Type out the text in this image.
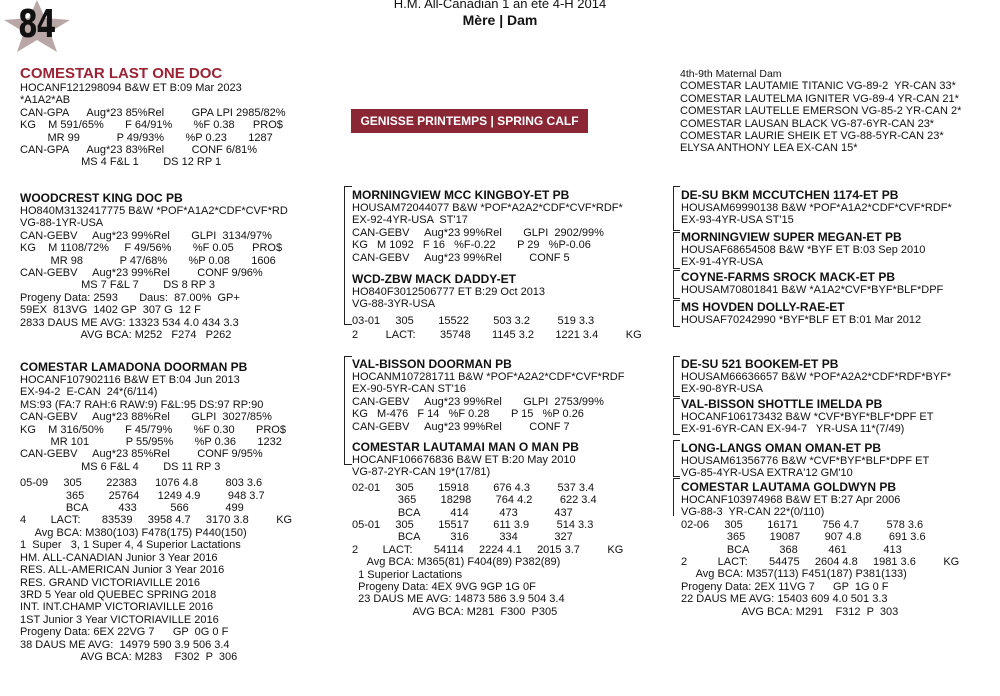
84	H.M. All-Canadian 1 an été 4-H 2014
Mère | Dam
COMESTAR LAST ONE DOC
HOCANF121298094 B&W ET B:09 Mar 2023
*A1A2*AB
CAN-GPA      Aug*23 85%Rel         GPA LPI 2985/82%
KG    M 591/65%       F 64/91%       %F 0.38      PRO$
MR 99            P 49/93%       %P 0.23       1287
CAN-GPA      Aug*23 83%Rel         CONF 6/81%
MS 4 F&L 1        DS 12 RP 1
GENISSE PRINTEMPS | SPRING CALF
4th-9th Maternal Dam
COMESTAR LAUTAMIE TITANIC VG-89-2  YR-CAN 33*
COMESTAR LAUTELMA IGNITER VG-89-4 YR-CAN 21*
COMESTAR LAUTELLE EMERSON VG-85-2 YR-CAN 2*
COMESTAR LAUSAN BLACK VG-87-6YR-CAN 23*
COMESTAR LAURIE SHEIK ET VG-88-5YR-CAN 23*
ELYSA ANTHONY LEA EX-CAN 15*
WOODCREST KING DOC PB
HO840M3132417775 B&W *POF*A1A2*CDF*CVF*RD
VG-88-1YR-USA
CAN-GEBV     Aug*23 99%Rel       GLPI  3134/97%
KG    M 1108/72%     F 49/56%       %F 0.05      PRO$
MR 98            P 47/68%       %P 0.08       1606
CAN-GEBV     Aug*23 99%Rel         CONF 9/96%
MS 7 F&L 7        DS 8 RP 3
Progeny Data: 2593       Daus:  87.00%  GP+
59EX  813VG  1402 GP  307 G  12 F
2833 DAUS ME AVG: 13323 534 4.0 434 3.3
AVG BCA: M252   F274   P262
COMESTAR LAMADONA DOORMAN PB
HOCANF107902116 B&W ET B:04 Jun 2013
EX-94-2  E-CAN  24*(6/114)
MS:93 (FA:7 RAH:6 RAW:9) F&L:95 DS:97 RP:90
CAN-GEBV     Aug*23 88%Rel       GLPI  3027/85%
KG    M 316/50%       F 45/79%       %F 0.30       PRO$
MR 101            P 55/95%       %P 0.36       1232
CAN-GEBV     Aug*23 85%Rel         CONF 9/95%
MS 6 F&L 4        DS 11 RP 3
05-09     305        22383      1076 4.8         803 3.6
365        25764      1249 4.9         948 3.7
BCA          433           566            499
4        LACT:       83539     3958 4.7     3170 3.8         KG
Avg BCA: M380(103) F478(175) P440(150)
1  Super   3, 1 Super 4, 4 Superior Lactations
HM. ALL-CANADIAN Junior 3 Year 2016
RES. ALL-AMERICAN Junior 3 Year 2016
RES. GRAND VICTORIAVILLE 2016
3RD 5 Year old QUEBEC SPRING 2018
INT. INT.CHAMP VICTORIAVILLE 2016
1ST Junior 3 Year VICTORIAVILLE 2016
Progeny Data: 6EX 22VG 7      GP  0G 0 F
38 DAUS ME AVG:  14979 590 3.9 506 3.4
AVG BCA: M283    F302  P  306
MORNINGVIEW MCC KINGBOY-ET PB
HOUSAM72044077 B&W *POF*A2A2*CDF*CVF*RDF*
EX-92-4YR-USA  ST'17
CAN-GEBV     Aug*23 99%Rel       GLPI  2902/99%
KG   M 1092   F 16   %F-0.22       P 29   %P-0.06
CAN-GEBV     Aug*23 99%Rel         CONF 5
WCD-ZBW MACK DADDY-ET
HO840F3012506777 ET B:29 Oct 2013
VG-88-3YR-USA
03-01     305        15522        503 3.2         519 3.3
2         LACT:        35748       1145 3.2       1221 3.4         KG
VAL-BISSON DOORMAN PB
HOCANM107281711 B&W *POF*A2A2*CDF*CVF*RDF
EX-90-5YR-CAN ST'16
CAN-GEBV     Aug*23 99%Rel       GLPI  2753/99%
KG   M-476   F 14   %F 0.28       P 15   %P 0.26
CAN-GEBV     Aug*23 99%Rel         CONF 7
COMESTAR LAUTAMAI MAN O MAN PB
HOCANF106676836 B&W ET B:20 May 2010
VG-87-2YR-CAN 19*(17/81)
02-01     305        15918        676 4.3         537 3.4
365        18298        764 4.2         622 3.4
BCA          414          473            437
05-01     305        15517        611 3.9         514 3.3
BCA          316          334            327
2        LACT:       54114     2224 4.1     2015 3.7         KG
Avg BCA: M365(81) F404(89) P382(89)
1 Superior Lactations
Progeny Data: 4EX 9VG 9GP 1G 0F
23 DAUS ME AVG: 14873 586 3.9 504 3.4
AVG BCA: M281  F300  P305
DE-SU BKM MCCUTCHEN 1174-ET PB
HOUSAM69990138 B&W *POF*A1A2*CDF*CVF*RDF*
EX-93-4YR-USA ST'15
MORNINGVIEW SUPER MEGAN-ET PB
HOUSAF68654508 B&W *BYF ET B:03 Sep 2010
EX-91-4YR-USA
COYNE-FARMS SROCK MACK-ET PB
HOUSAM70801841 B&W *A1A2*CVF*BYF*BLF*DPF
MS HOVDEN DOLLY-RAE-ET
HOUSAF70242990 *BYF*BLF ET B:01 Mar 2012
DE-SU 521 BOOKEM-ET PB
HOUSAM66636657 B&W *POF*A2A2*CDF*RDF*BYF*
EX-90-8YR-USA
VAL-BISSON SHOTTLE IMELDA PB
HOCANF106173432 B&W *CVF*BYF*BLF*DPF ET
EX-91-6YR-CAN EX-94-7   YR-USA 11*(7/49)
LONG-LANGS OMAN OMAN-ET PB
HOUSAM61356776 B&W *CVF*BYF*BLF*DPF ET
VG-85-4YR-USA EXTRA'12 GM'10
COMESTAR LAUTAMA GOLDWYN PB
HOCANF103974968 B&W ET B:27 Apr 2006
VG-88-3  YR-CAN 22*(0/110)
02-06     305        16171        756 4.7         578 3.6
365        19087        907 4.8         691 3.6
BCA          368          461            413
2          LACT:       54475     2604 4.8     1981 3.6         KG
Avg BCA: M357(113) F451(187) P381(133)
Progeny Data: 2EX 11VG 7      GP  1G 0 F
22 DAUS ME AVG: 15403 609 4.0 501 3.3
AVG BCA: M291    F312  P  303
